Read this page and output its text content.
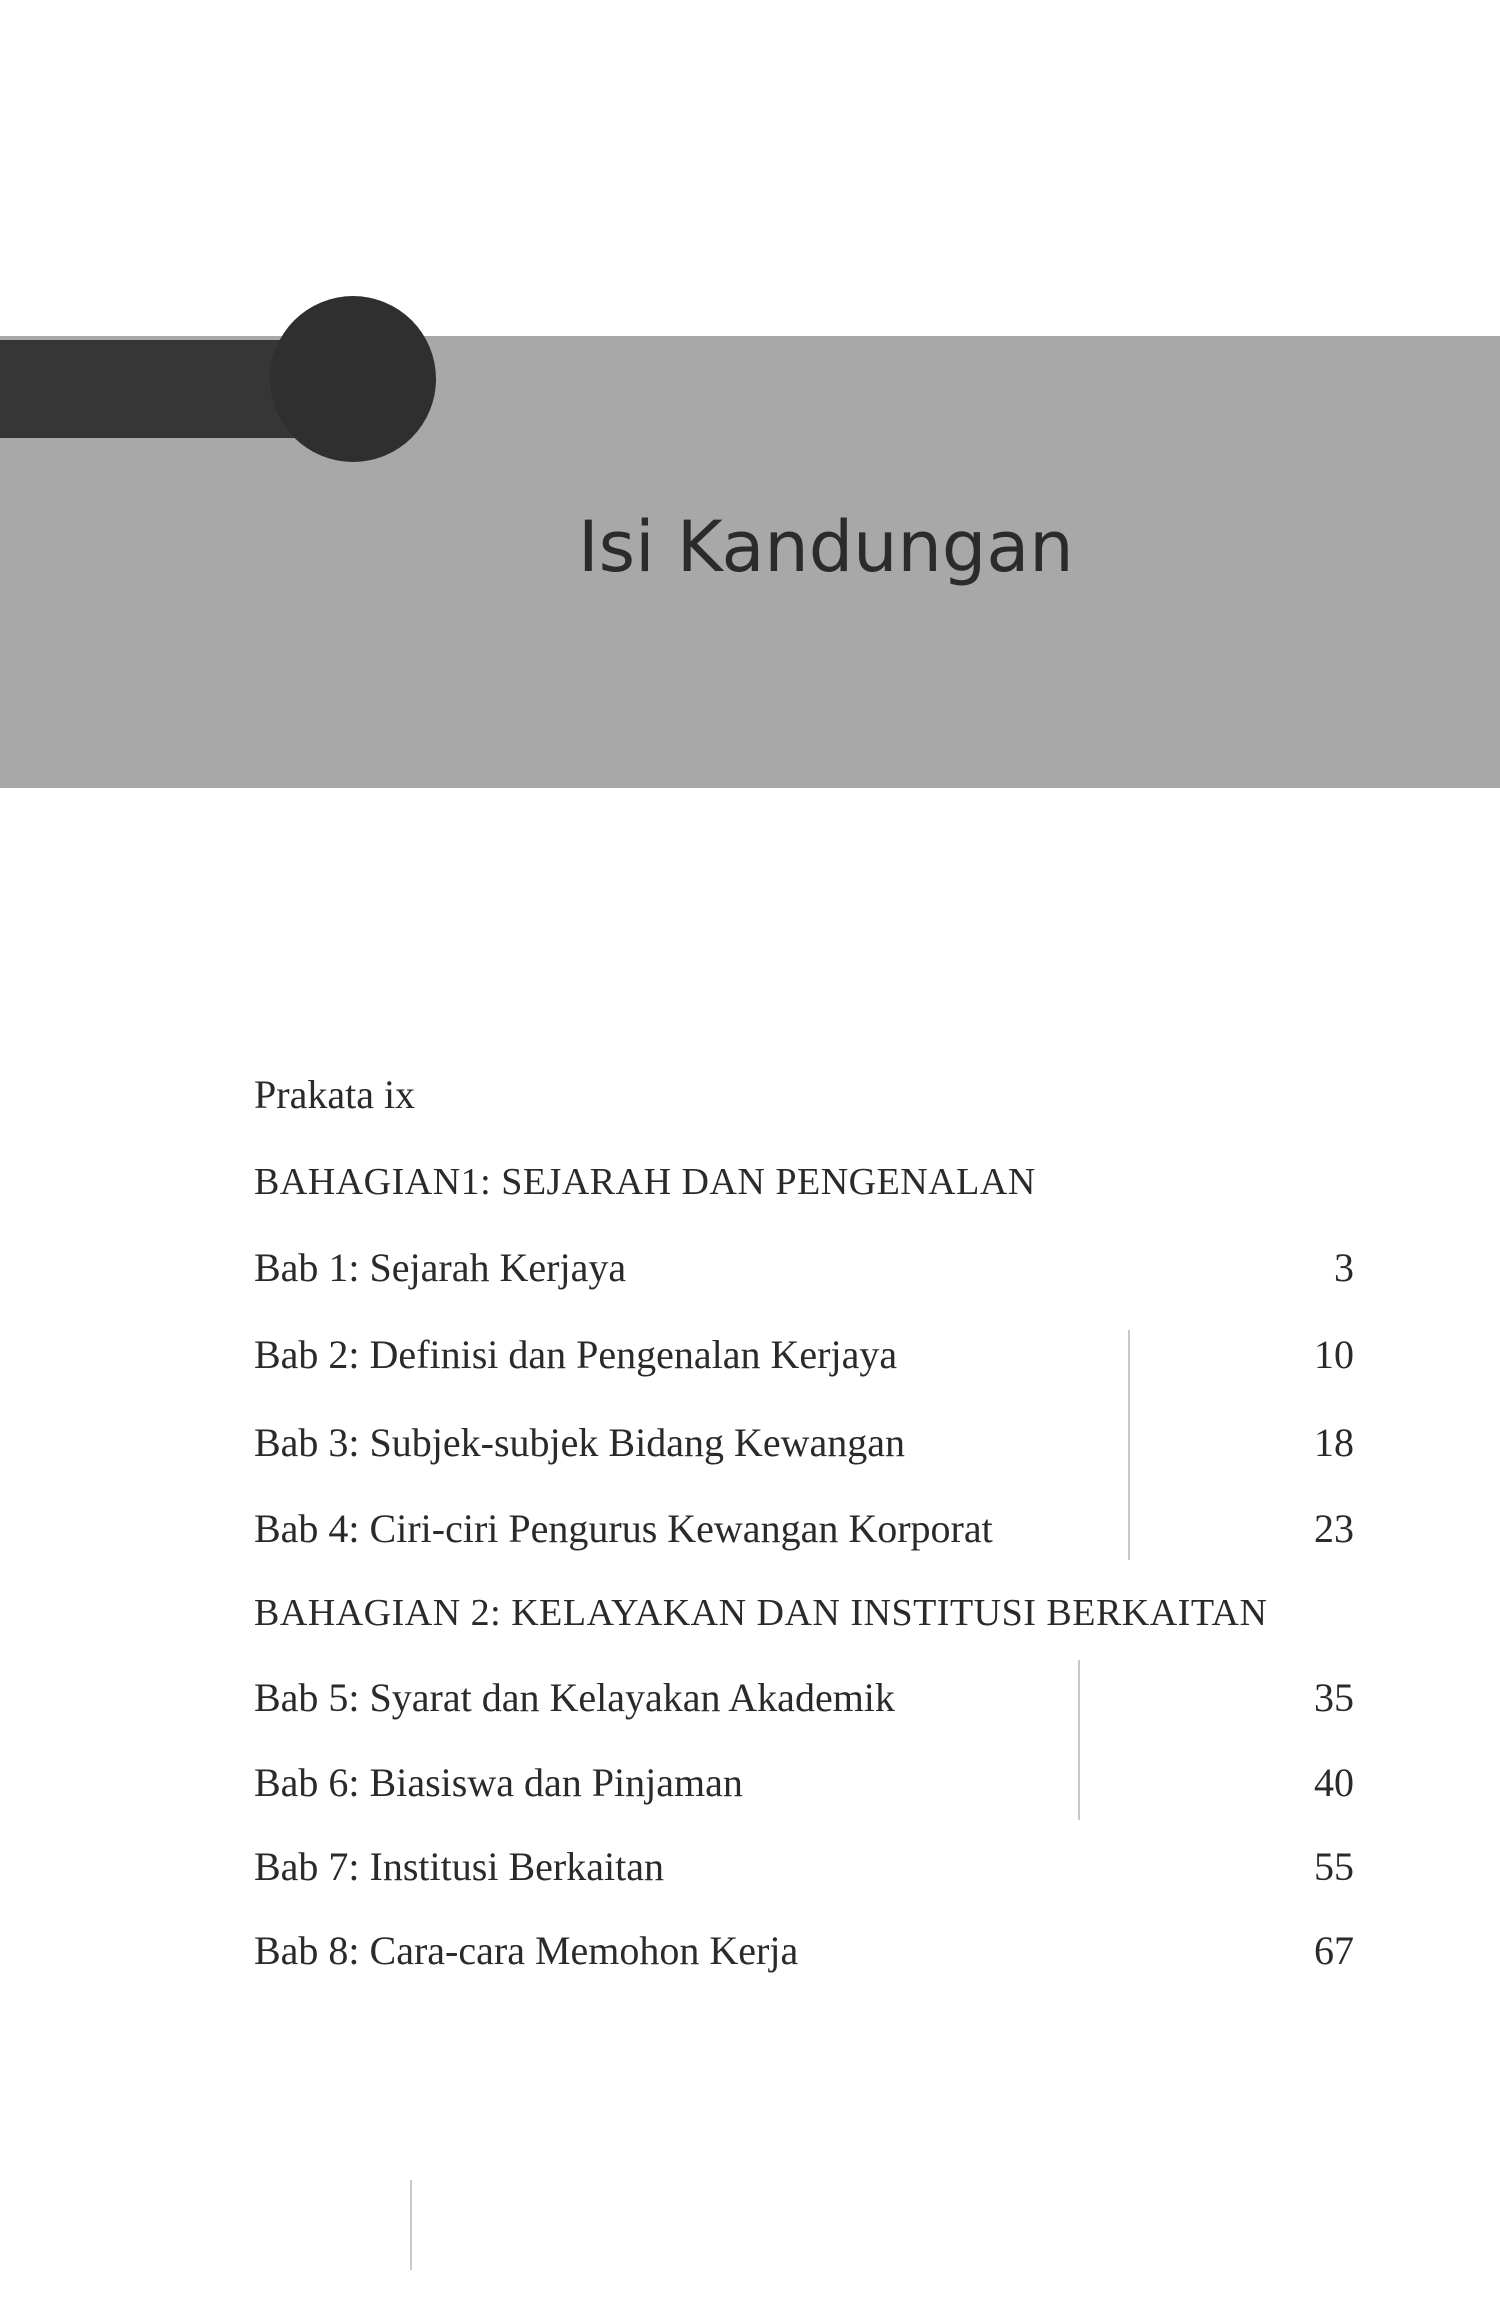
Isi Kandungan
Prakata ix
BAHAGIAN1: SEJARAH DAN PENGENALAN
Bab 1: Sejarah Kerjaya	3
Bab 2: Definisi dan Pengenalan Kerjaya	10
Bab 3: Subjek-subjek Bidang Kewangan	18
Bab 4: Ciri-ciri Pengurus Kewangan Korporat	23
BAHAGIAN 2: KELAYAKAN DAN INSTITUSI BERKAITAN
Bab 5: Syarat dan Kelayakan Akademik	35
Bab 6: Biasiswa dan Pinjaman	40
Bab 7: Institusi Berkaitan	55
Bab 8: Cara-cara Memohon Kerja	67
